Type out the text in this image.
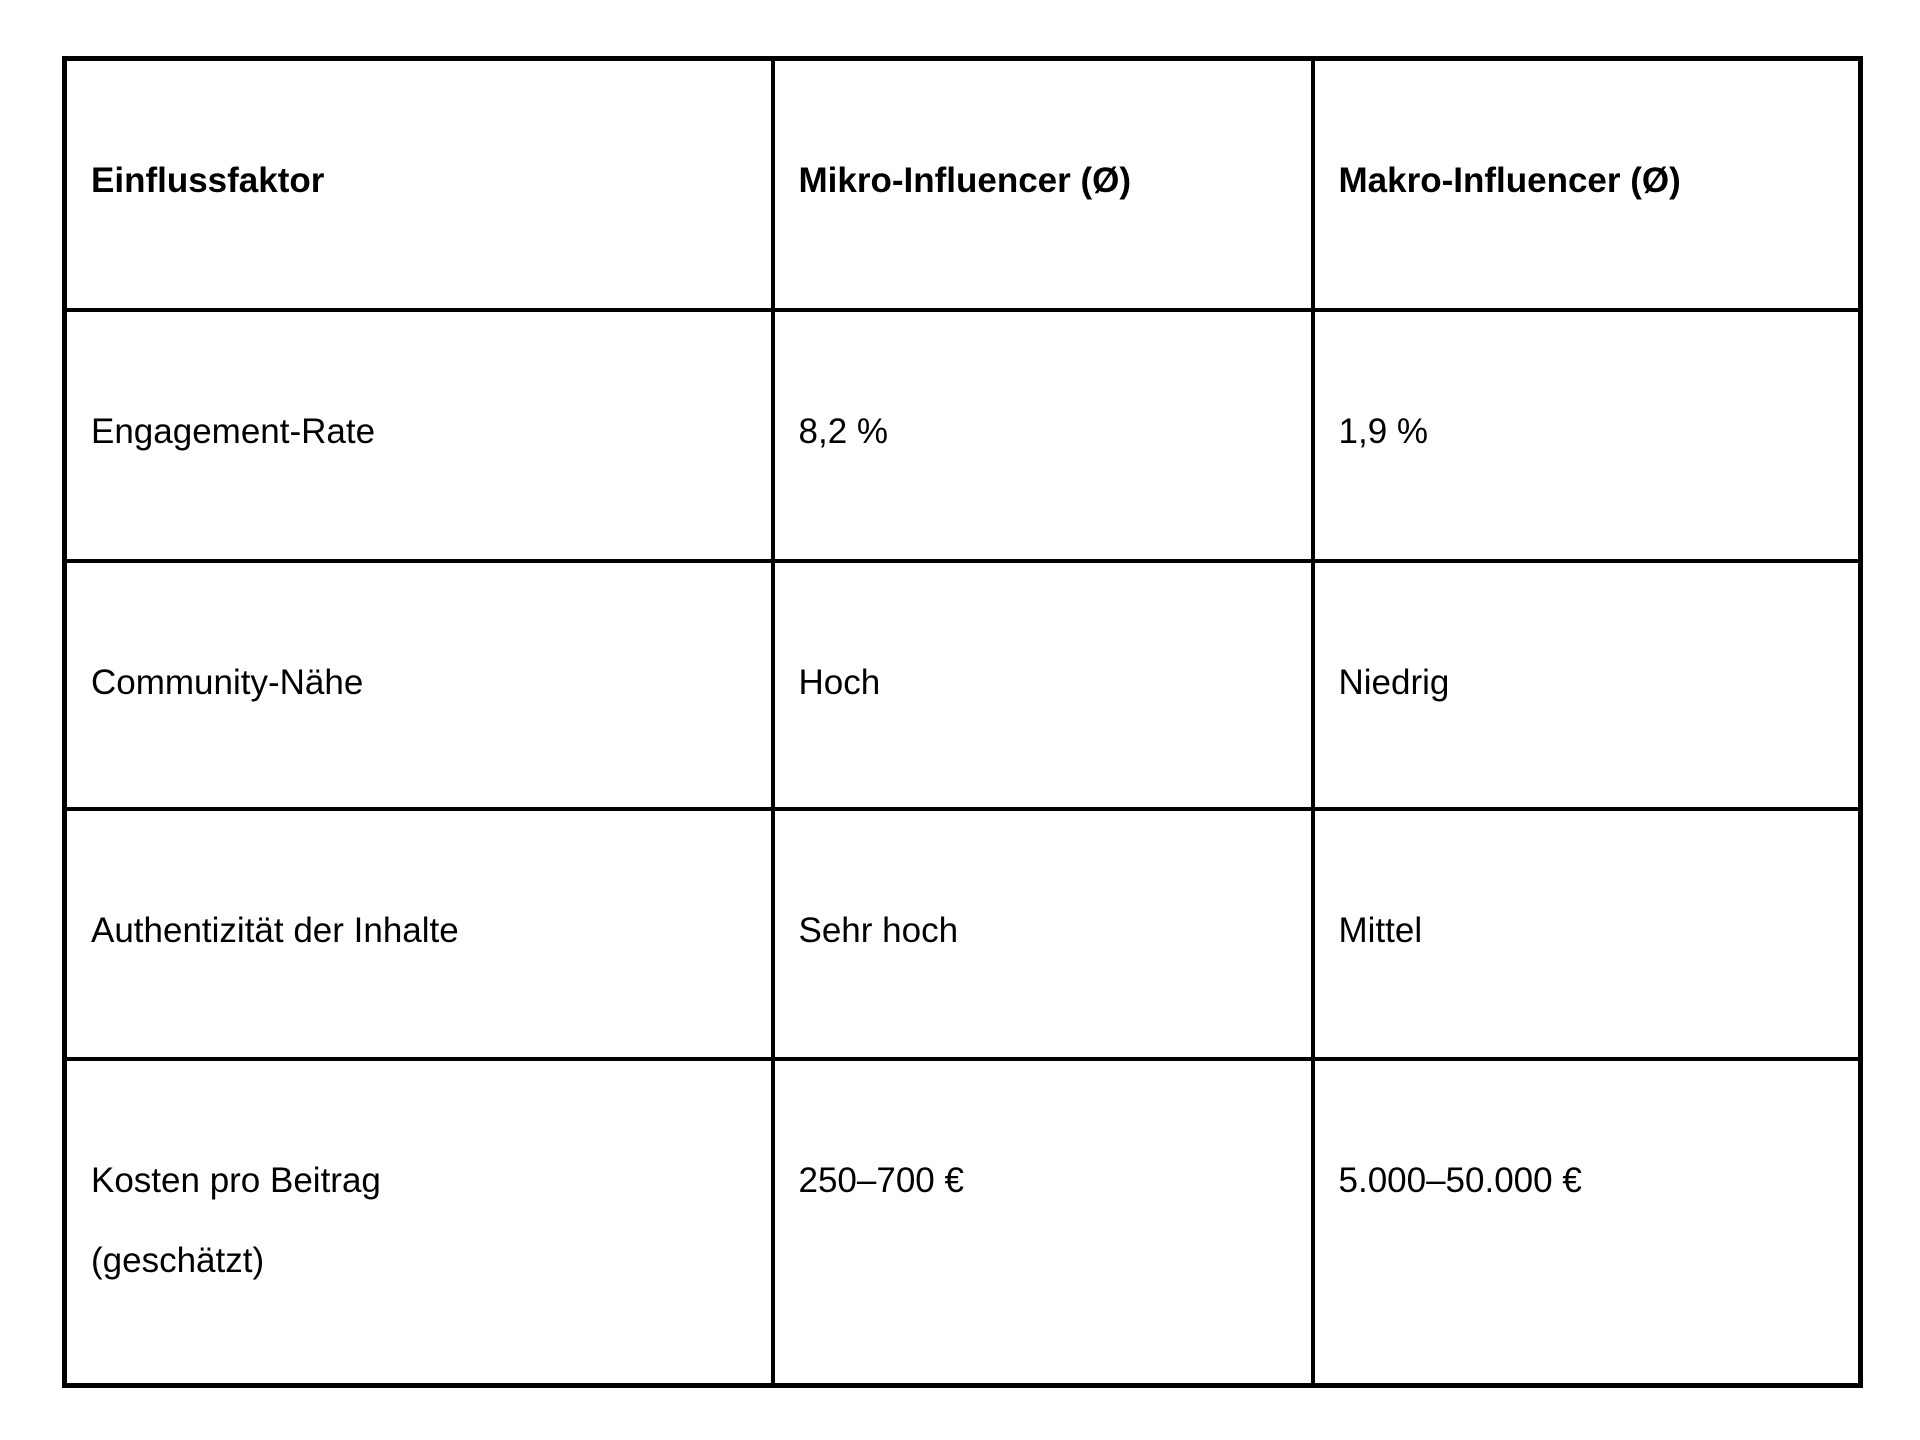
Einflussfaktor	Mikro-Influencer (Ø)	Makro-Influencer (Ø)
Engagement-Rate	8,2 %	1,9 %
Community-Nähe	Hoch	Niedrig
Authentizität der Inhalte	Sehr hoch	Mittel

Kosten pro Beitrag
(geschätzt)	250–700 €	5.000–50.000 €
